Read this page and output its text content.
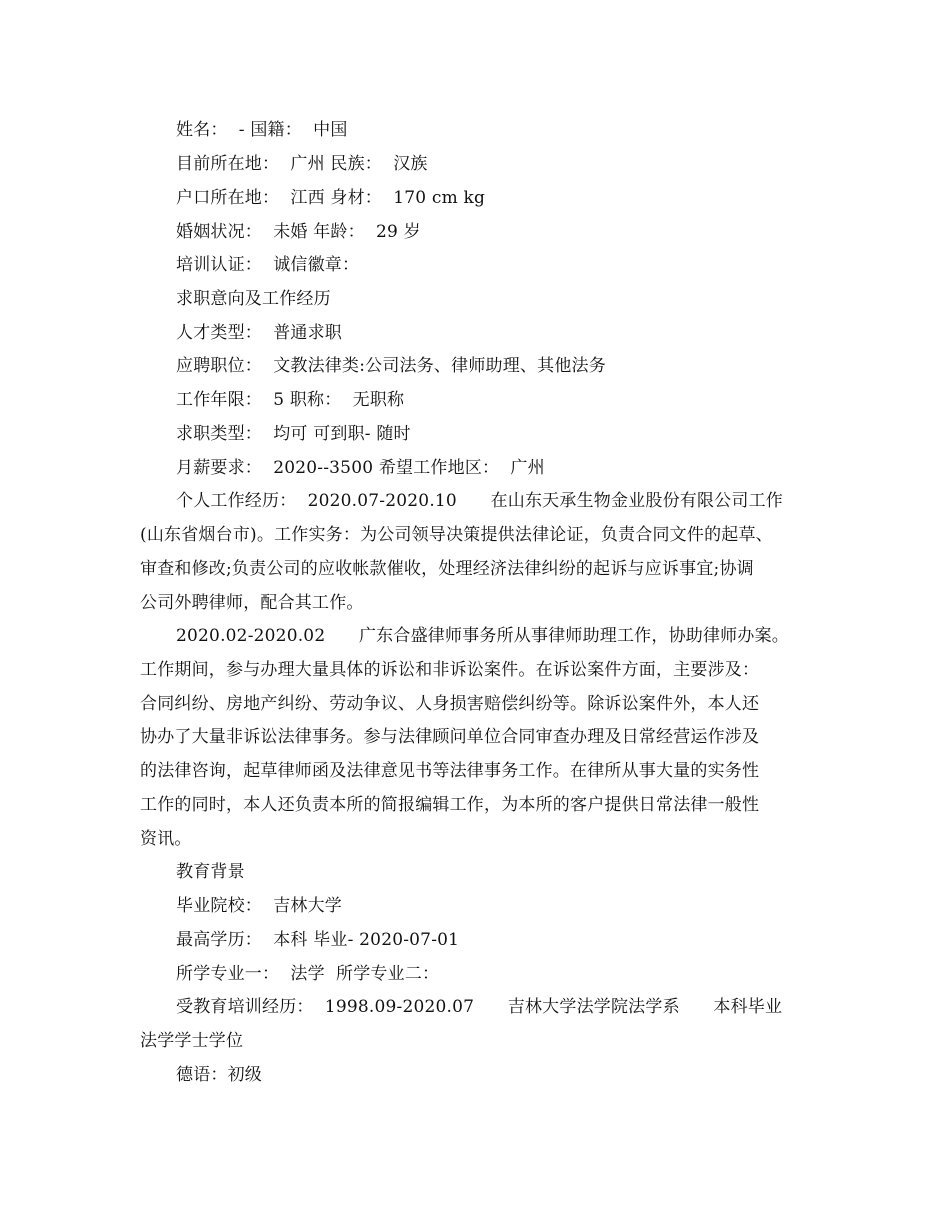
姓名：  - 国籍：  中国
目前所在地：  广州 民族：  汉族
户口所在地：  江西 身材：  170 cm kg
婚姻状况：  未婚 年龄：  29 岁
培训认证：  诚信徽章：
求职意向及工作经历
人才类型：  普通求职
应聘职位：  文教法律类:公司法务、律师助理、其他法务
工作年限：  5 职称：  无职称
求职类型：  均可 可到职- 随时
月薪要求：  2020--3500 希望工作地区：  广州
个人工作经历：  2020.07-2020.10      在山东天承生物金业股份有限公司工作
(山东省烟台市)。工作实务：为公司领导决策提供法律论证，负责合同文件的起草、
审查和修改;负责公司的应收帐款催收，处理经济法律纠纷的起诉与应诉事宜;协调
公司外聘律师，配合其工作。
2020.02-2020.02      广东合盛律师事务所从事律师助理工作，协助律师办案。
工作期间，参与办理大量具体的诉讼和非诉讼案件。在诉讼案件方面，主要涉及：
合同纠纷、房地产纠纷、劳动争议、人身损害赔偿纠纷等。除诉讼案件外，本人还
协办了大量非诉讼法律事务。参与法律顾问单位合同审查办理及日常经营运作涉及
的法律咨询，起草律师函及法律意见书等法律事务工作。在律所从事大量的实务性
工作的同时，本人还负责本所的简报编辑工作，为本所的客户提供日常法律一般性
资讯。
教育背景
毕业院校：  吉林大学
最高学历：  本科 毕业- 2020-07-01
所学专业一：  法学  所学专业二：
受教育培训经历：  1998.09-2020.07      吉林大学法学院法学系      本科毕业
法学学士学位
德语：初级
